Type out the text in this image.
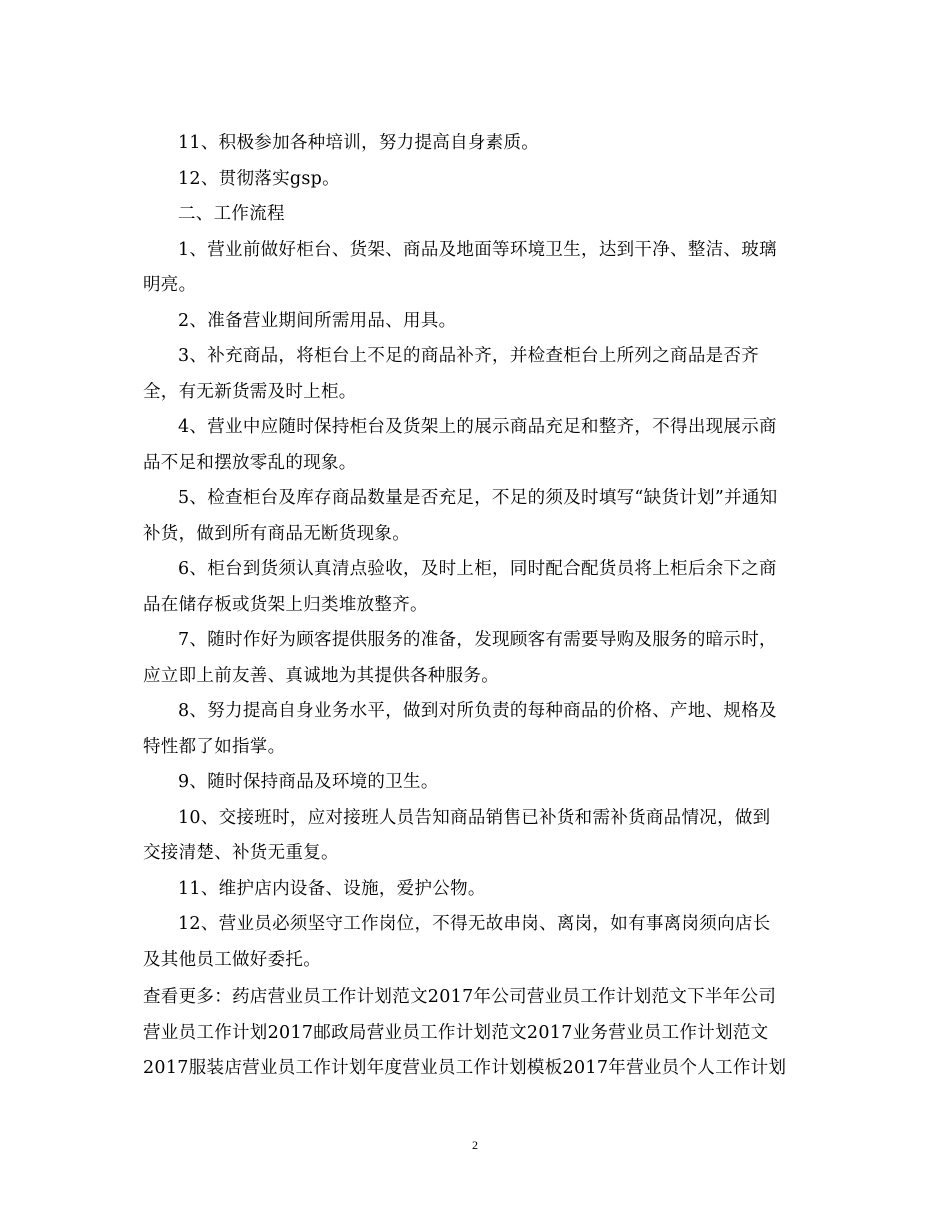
11、积极参加各种培训，努力提高自身素质。
12、贯彻落实gsp。
二、工作流程
1、营业前做好柜台、货架、商品及地面等环境卫生，达到干净、整洁、玻璃
明亮。
2、准备营业期间所需用品、用具。
3、补充商品，将柜台上不足的商品补齐，并检查柜台上所列之商品是否齐
全，有无新货需及时上柜。
4、营业中应随时保持柜台及货架上的展示商品充足和整齐，不得出现展示商
品不足和摆放零乱的现象。
5、检查柜台及库存商品数量是否充足，不足的须及时填写“缺货计划”并通知
补货，做到所有商品无断货现象。
6、柜台到货须认真清点验收，及时上柜，同时配合配货员将上柜后余下之商
品在储存板或货架上归类堆放整齐。
7、随时作好为顾客提供服务的准备，发现顾客有需要导购及服务的暗示时，
应立即上前友善、真诚地为其提供各种服务。
8、努力提高自身业务水平，做到对所负责的每种商品的价格、产地、规格及
特性都了如指掌。
9、随时保持商品及环境的卫生。
10、交接班时，应对接班人员告知商品销售已补货和需补货商品情况，做到
交接清楚、补货无重复。
11、维护店内设备、设施，爱护公物。
12、营业员必须坚守工作岗位，不得无故串岗、离岗，如有事离岗须向店长
及其他员工做好委托。
查看更多：药店营业员工作计划范文2017年公司营业员工作计划范文下半年公司
营业员工作计划2017邮政局营业员工作计划范文2017业务营业员工作计划范文
2017服装店营业员工作计划年度营业员工作计划模板2017年营业员个人工作计划
2
